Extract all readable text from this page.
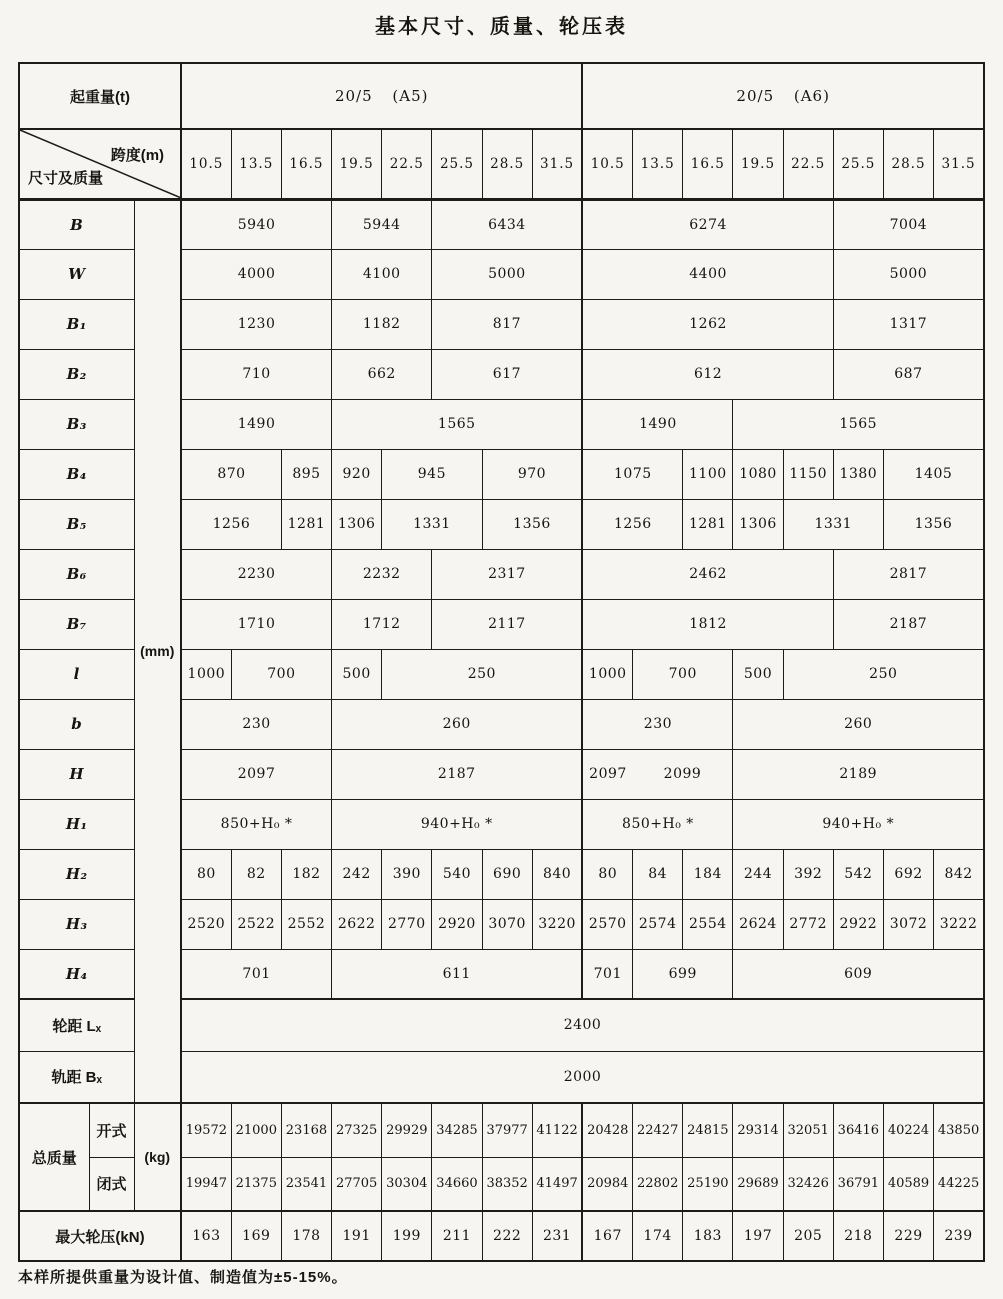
基本尺寸、质量、轮压表
起重量(t)			20/5 (A5)								20/5 (A6)							

跨度(m)
尺寸及质量			10.5	13.5	16.5	19.5	22.5	25.5	28.5	31.5	10.5	13.5	16.5	19.5	22.5	25.5	28.5	31.5
B		(mm)	5940			5944		6434			6274					7004		
W			4000			4100		5000			4400					5000		
B₁			1230			1182		817			1262					1317		
B₂			710			662		617			612					687		
B₃			1490			1565					1490			1565				
B₄			870		895	920	945		970		1075		1100	1080	1150	1380	1405	
B₅			1256		1281	1306	1331		1356		1256		1281	1306	1331		1356	
B₆			2230			2232		2317			2462					2817		
B₇			1710			1712		2117			1812					2187		
l			1000	700		500	250				1000	700		500	250			
b			230			260					230			260				
H			2097			2187					2097	2099		2189				
H₁			850+H₀ *			940+H₀ *					850+H₀ *			940+H₀ *				
H₂			80	82	182	242	390	540	690	840	80	84	184	244	392	542	692	842
H₃			2520	2522	2552	2622	2770	2920	3070	3220	2570	2574	2554	2624	2772	2922	3072	3222
H₄			701			611					701	699		609				
轮距 Lₓ			2400															
轨距 Bₓ			2000															
总质量	开式	(kg)	19572	21000	23168	27325	29929	34285	37977	41122	20428	22427	24815	29314	32051	36416	40224	43850
	闭式		19947	21375	23541	27705	30304	34660	38352	41497	20984	22802	25190	29689	32426	36791	40589	44225
最大轮压(kN)			163	169	178	191	199	211	222	231	167	174	183	197	205	218	229	239
本样所提供重量为设计值、制造值为±5-15%。
